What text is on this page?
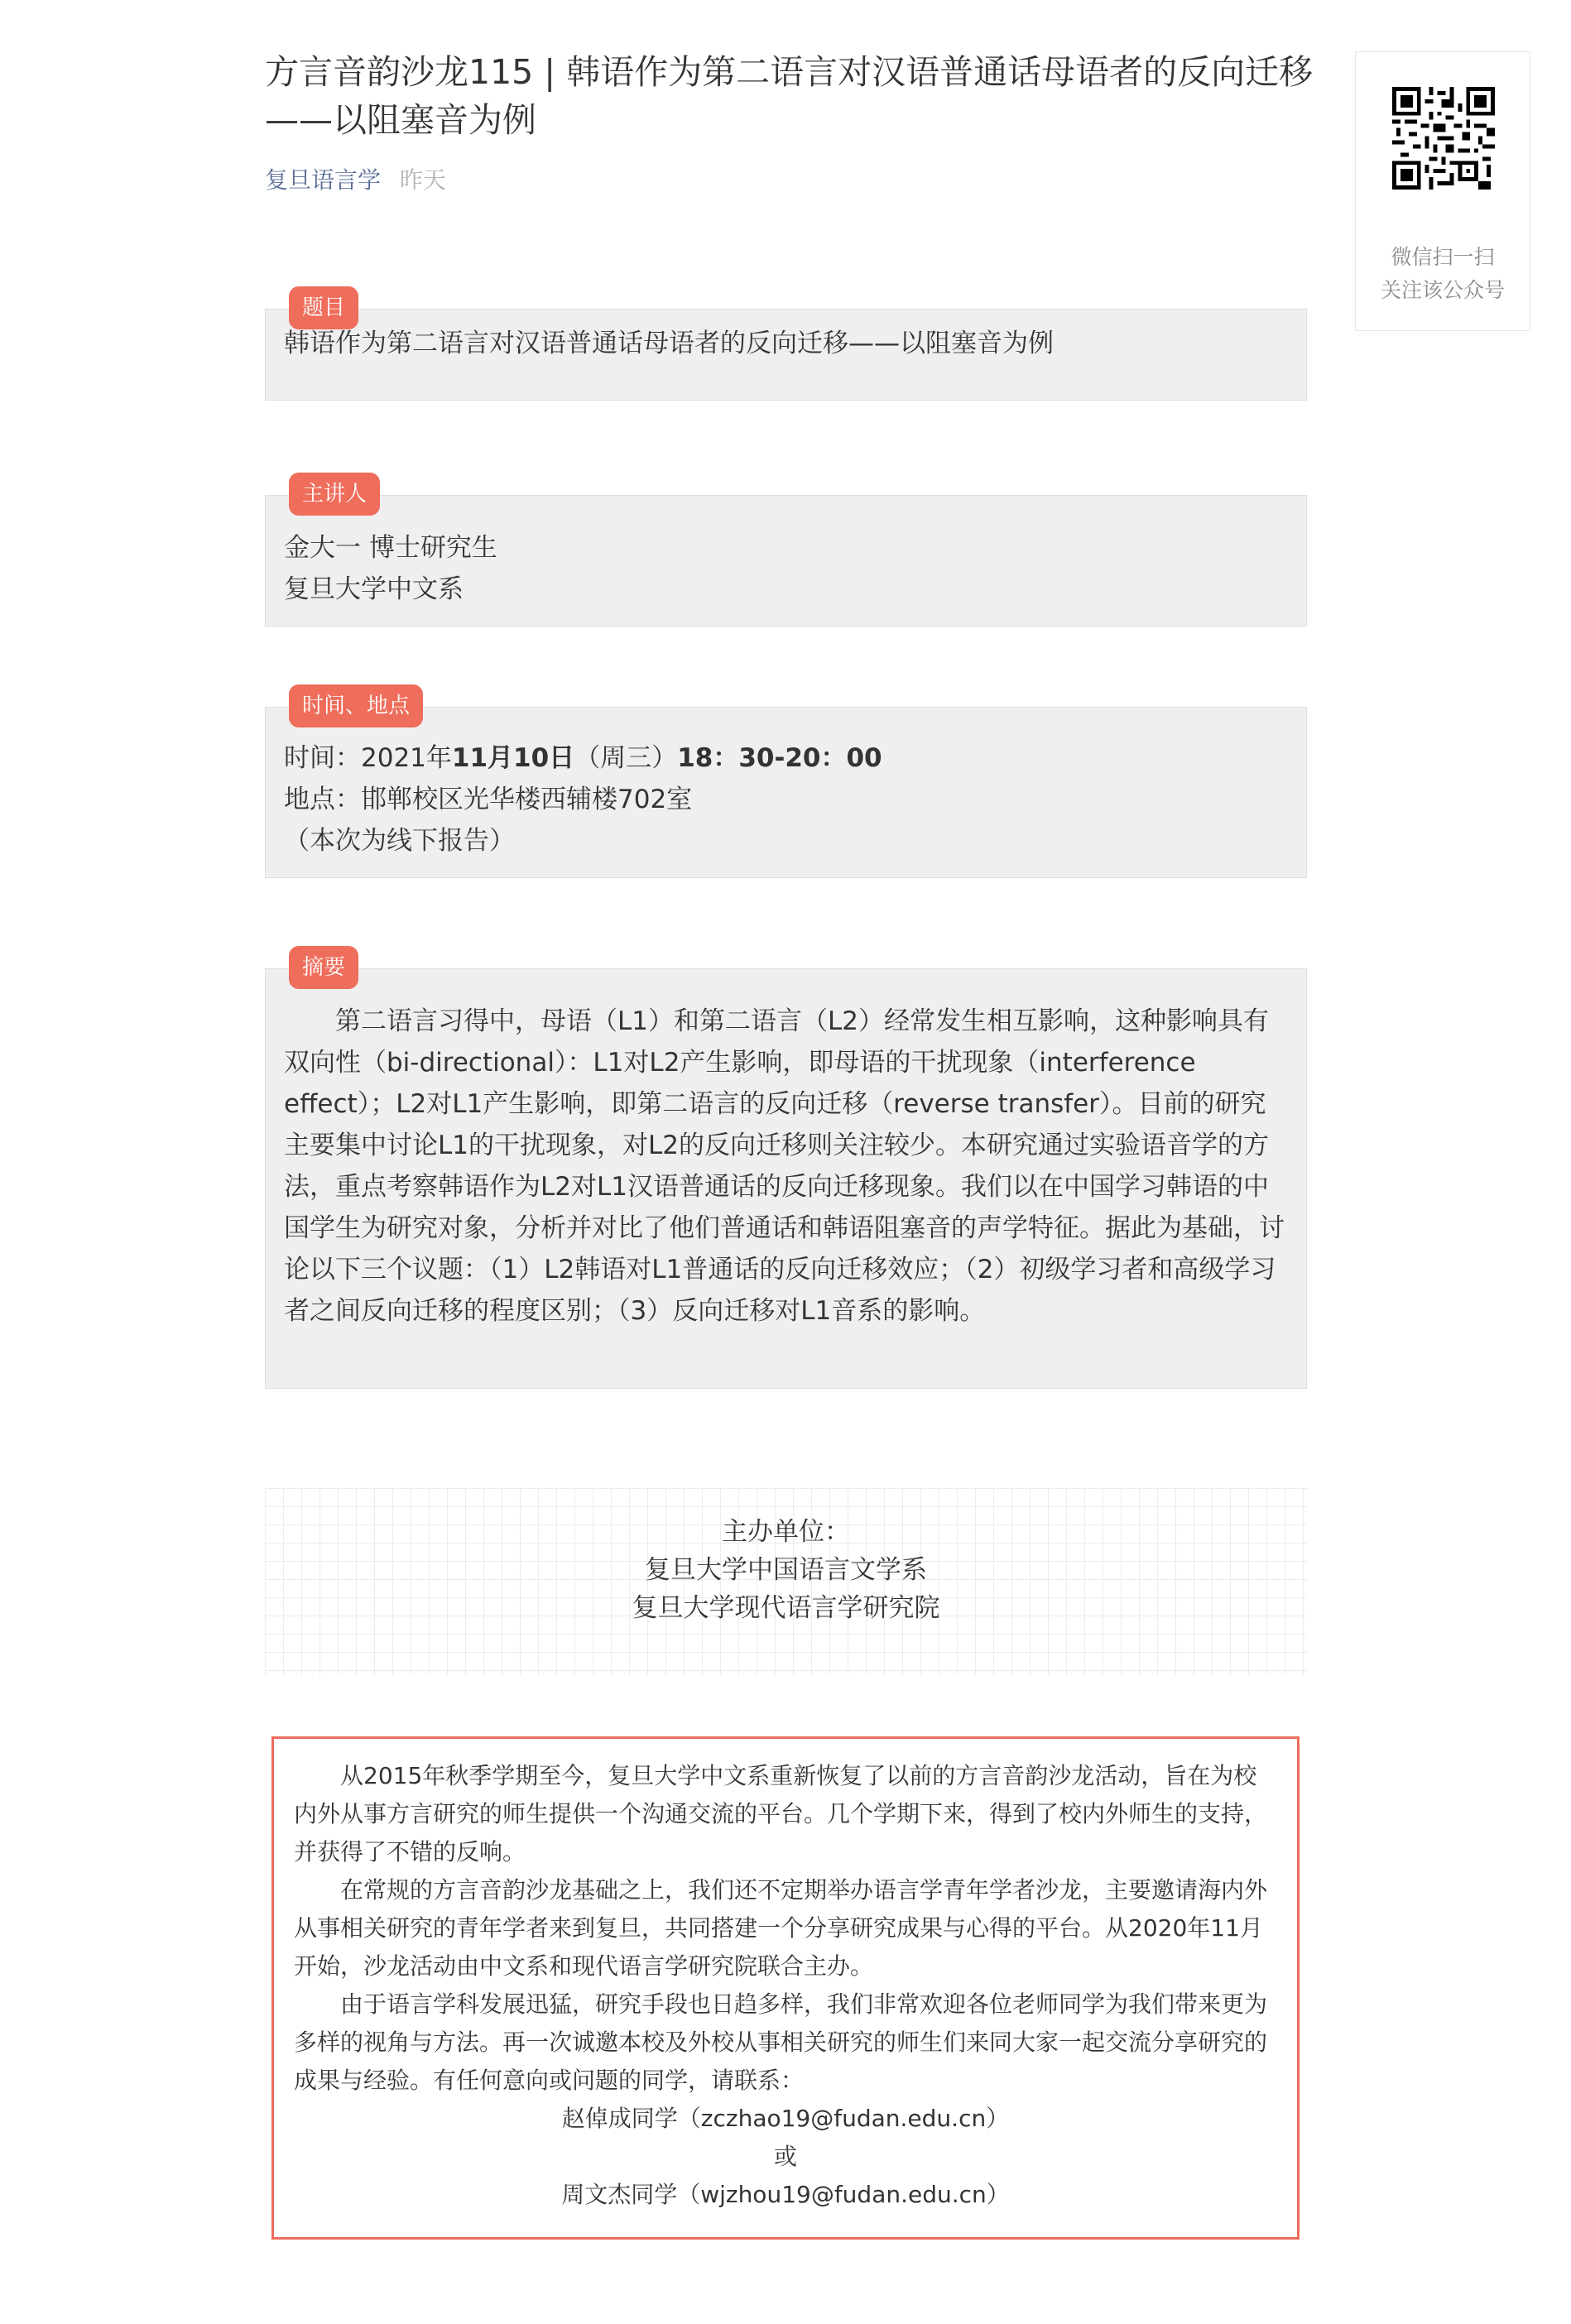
方言音韵沙龙115 | 韩语作为第二语言对汉语普通话母语者的反向迁移——以阻塞音为例
复旦语言学 昨天
微信扫一扫
关注该公众号
题目
韩语作为第二语言对汉语普通话母语者的反向迁移——以阻塞音为例
主讲人
金大一 博士研究生
复旦大学中文系
时间、地点
时间：2021年11月10日（周三）18：30-20：00
地点：邯郸校区光华楼西辅楼702室
（本次为线下报告）
摘要

第二语言习得中，母语（L1）和第二语言（L2）经常发生相互影响，这种影响具有双向性（bi-directional）：L1对L2产生影响，即母语的干扰现象（interference effect）；L2对L1产生影响，即第二语言的反向迁移（reverse transfer）。目前的研究主要集中讨论L1的干扰现象，对L2的反向迁移则关注较少。本研究通过实验语音学的方法，重点考察韩语作为L2对L1汉语普通话的反向迁移现象。我们以在中国学习韩语的中国学生为研究对象，分析并对比了他们普通话和韩语阻塞音的声学特征。据此为基础，讨论以下三个议题：（1）L2韩语对L1普通话的反向迁移效应；（2）初级学习者和高级学习者之间反向迁移的程度区别；（3）反向迁移对L1音系的影响。

主办单位：
复旦大学中国语言文学系
复旦大学现代语言学研究院

从2015年秋季学期至今，复旦大学中文系重新恢复了以前的方言音韵沙龙活动，旨在为校内外从事方言研究的师生提供一个沟通交流的平台。几个学期下来，得到了校内外师生的支持，并获得了不错的反响。

在常规的方言音韵沙龙基础之上，我们还不定期举办语言学青年学者沙龙，主要邀请海内外从事相关研究的青年学者来到复旦，共同搭建一个分享研究成果与心得的平台。从2020年11月开始，沙龙活动由中文系和现代语言学研究院联合主办。

由于语言学科发展迅猛，研究手段也日趋多样，我们非常欢迎各位老师同学为我们带来更为多样的视角与方法。再一次诚邀本校及外校从事相关研究的师生们来同大家一起交流分享研究的成果与经验。有任何意向或问题的同学，请联系：

赵倬成同学（zczhao19@fudan.edu.cn）

或

周文杰同学（wjzhou19@fudan.edu.cn）
